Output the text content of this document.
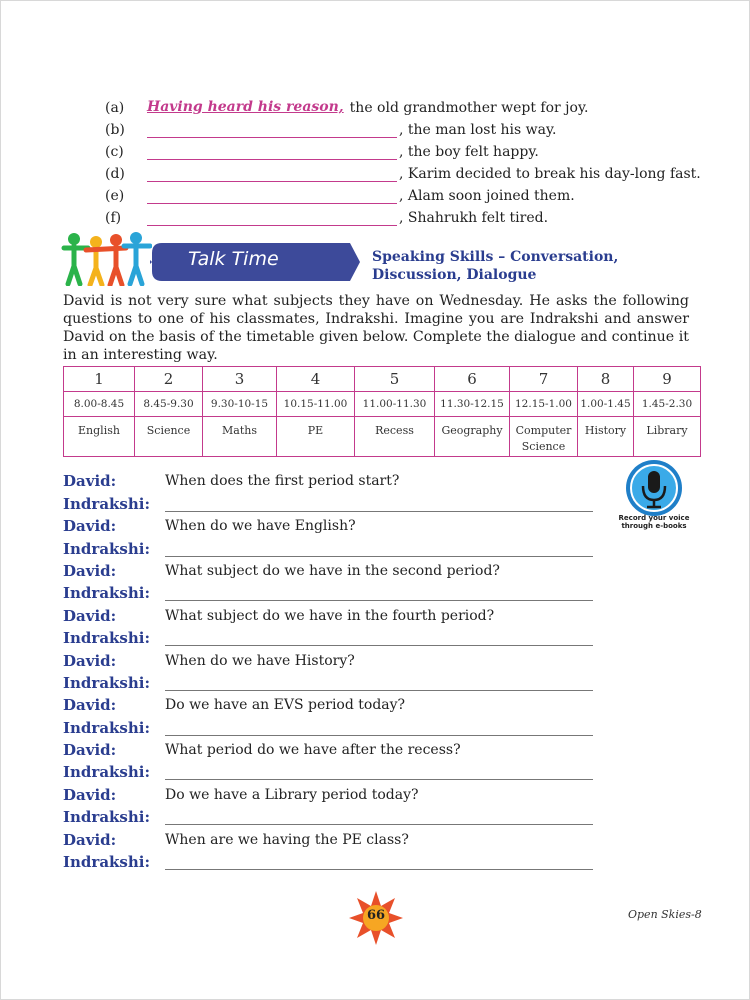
(a)	Having heard his reason, the old grandmother wept for joy.
(b)	, the man lost his way.
(c)	, the boy felt happy.
(d)	, Karim decided to break his day-long fast.
(e)	, Alam soon joined them.
(f)	, Shahrukh felt tired.
Talk Time	Speaking Skills – Conversation,
Discussion, Dialogue
David is not very sure what subjects they have on Wednesday. He asks the following questions to one of his classmates, Indrakshi. Imagine you are Indrakshi and answer David on the basis of the timetable given below. Complete the dialogue and continue it in an interesting way.
1	2	3	4	5	6	7	8	9
8.00-8.45	8.45-9.30	9.30-10-15	10.15-11.00	11.00-11.30	11.30-12.15	12.15-1.00	1.00-1.45	1.45-2.30
English	Science	Maths	PE	Recess	Geography	Computer Science	History	Library
David:	When does the first period start?
Indrakshi:
David:	When do we have English?
Indrakshi:
David:	What subject do we have in the second period?
Indrakshi:
David:	What subject do we have in the fourth period?
Indrakshi:
David:	When do we have History?
Indrakshi:
David:	Do we have an EVS period today?
Indrakshi:
David:	What period do we have after the recess?
Indrakshi:
David:	Do we have a Library period today?
Indrakshi:
David:	When are we having the PE class?
Indrakshi:
Record your voice
through e-books
66	Open Skies-8
